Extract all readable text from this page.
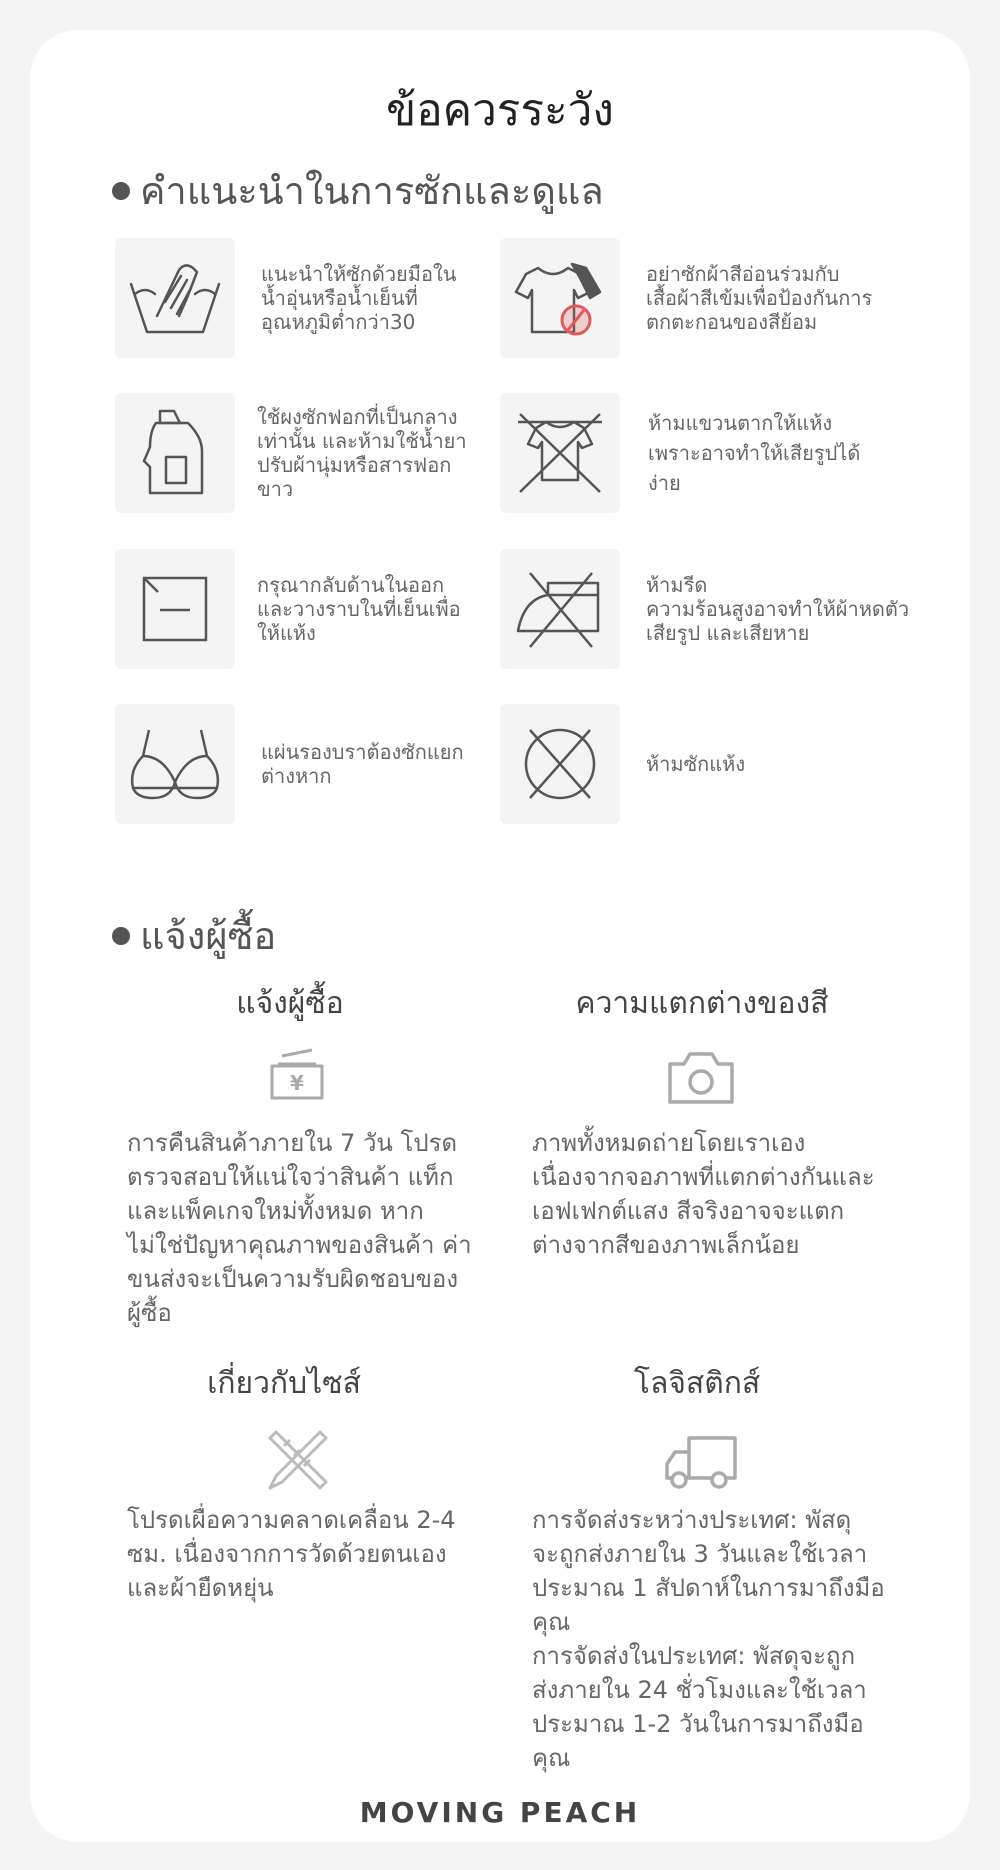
ข้อควรระวัง
คำแนะนำในการซักและดูแล
แนะนำให้ซักด้วยมือใน
น้ำอุ่นหรือน้ำเย็นที่
อุณหภูมิต่ำกว่า30
อย่าซักผ้าสีอ่อนร่วมกับ
เสื้อผ้าสีเข้มเพื่อป้องกันการ
ตกตะกอนของสีย้อม
ใช้ผงซักฟอกที่เป็นกลาง
เท่านั้น และห้ามใช้น้ำยา
ปรับผ้านุ่มหรือสารฟอก
ขาว
ห้ามแขวนตากให้แห้ง
เพราะอาจทำให้เสียรูปได้
ง่าย
กรุณากลับด้านในออก
และวางราบในที่เย็นเพื่อ
ให้แห้ง
ห้ามรีด
ความร้อนสูงอาจทำให้ผ้าหดตัว
เสียรูป และเสียหาย
แผ่นรองบราต้องซักแยก
ต่างหาก	ห้ามซักแห้ง
แจ้งผู้ซื้อ
แจ้งผู้ซื้อ
¥
การคืนสินค้าภายใน 7 วัน โปรด
ตรวจสอบให้แน่ใจว่าสินค้า แท็ก
และแพ็คเกจใหม่ทั้งหมด หาก
ไม่ใช่ปัญหาคุณภาพของสินค้า ค่า
ขนส่งจะเป็นความรับผิดชอบของ
ผู้ซื้อ
ความแตกต่างของสี
ภาพทั้งหมดถ่ายโดยเราเอง
เนื่องจากจอภาพที่แตกต่างกันและ
เอฟเฟกต์แสง สีจริงอาจจะแตก
ต่างจากสีของภาพเล็กน้อย
เกี่ยวกับไซส์
โปรดเผื่อความคลาดเคลื่อน 2-4
ซม. เนื่องจากการวัดด้วยตนเอง
และผ้ายืดหยุ่น
โลจิสติกส์
การจัดส่งระหว่างประเทศ: พัสดุ
จะถูกส่งภายใน 3 วันและใช้เวลา
ประมาณ 1 สัปดาห์ในการมาถึงมือ
คุณ
การจัดส่งในประเทศ: พัสดุจะถูก
ส่งภายใน 24 ชั่วโมงและใช้เวลา
ประมาณ 1-2 วันในการมาถึงมือ
คุณ
MOVING PEACH
